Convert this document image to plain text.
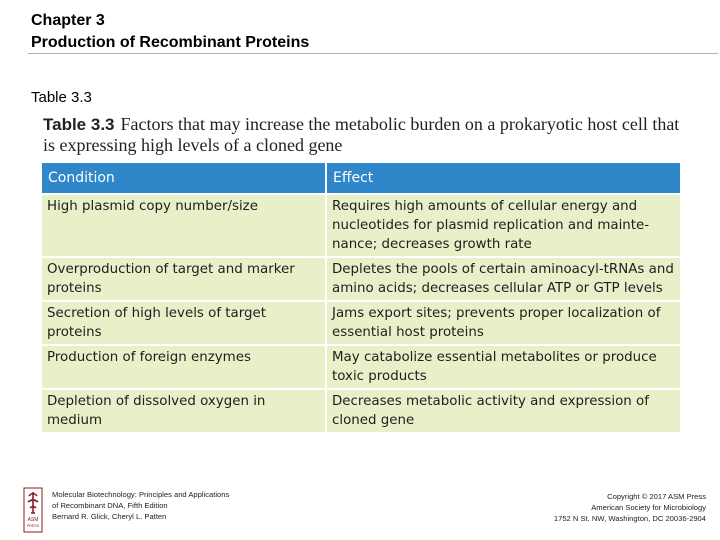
Chapter 3
Production of Recombinant Proteins
Table 3.3
Table 3.3 Factors that may increase the metabolic burden on a prokaryotic host cell that is expressing high levels of a cloned gene
Condition	Effect
High plasmid copy number/size	Requires high amounts of cellular energy and nucleotides for plasmid replication and mainte-nance; decreases growth rate
Overproduction of target and marker proteins	Depletes the pools of certain aminoacyl-tRNAs and amino acids; decreases cellular ATP or GTP levels
Secretion of high levels of target proteins	Jams export sites; prevents proper localization of essential host proteins
Production of foreign enzymes	May catabolize essential metabolites or produce toxic products
Depletion of dissolved oxygen in medium	Decreases metabolic activity and expression of cloned gene
ASM
PRESS
Molecular Biotechnology: Principles and Applications
of Recombinant DNA, Fifth Edition
Bernard R. Glick, Cheryl L. Patten
Copyright © 2017 ASM Press
American Society for Microbiology
1752 N St. NW, Washington, DC 20036-2904
